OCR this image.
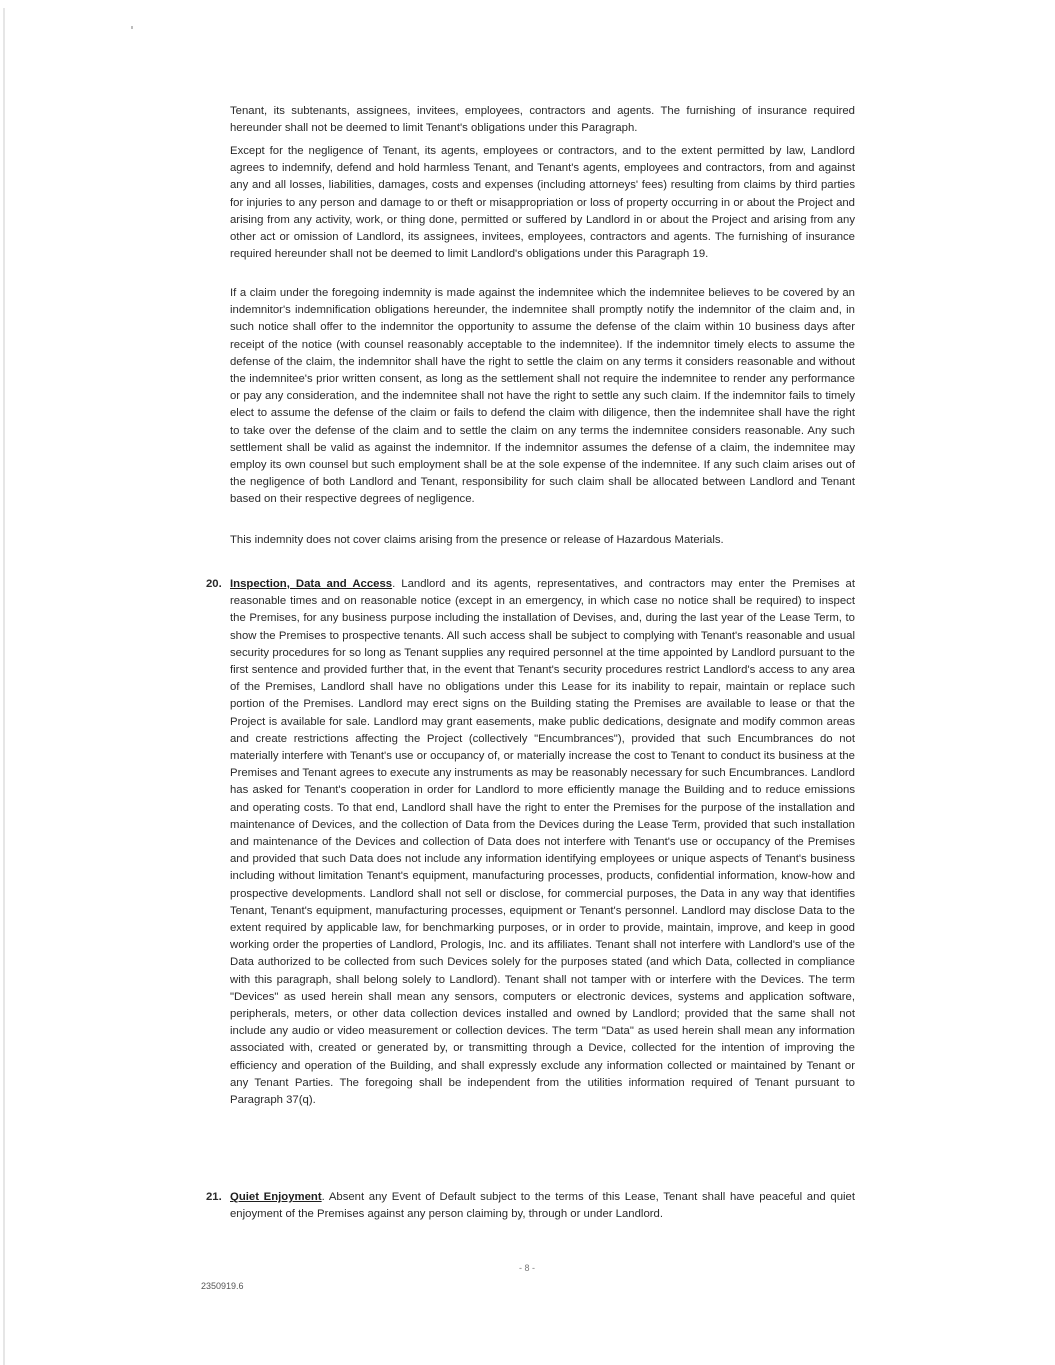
Tenant, its subtenants, assignees, invitees, employees, contractors and agents. The furnishing of insurance required hereunder shall not be deemed to limit Tenant's obligations under this Paragraph.

Except for the negligence of Tenant, its agents, employees or contractors, and to the extent permitted by law, Landlord agrees to indemnify, defend and hold harmless Tenant, and Tenant's agents, employees and contractors, from and against any and all losses, liabilities, damages, costs and expenses (including attorneys' fees) resulting from claims by third parties for injuries to any person and damage to or theft or misappropriation or loss of property occurring in or about the Project and arising from any activity, work, or thing done, permitted or suffered by Landlord in or about the Project and arising from any other act or omission of Landlord, its assignees, invitees, employees, contractors and agents. The furnishing of insurance required hereunder shall not be deemed to limit Landlord's obligations under this Paragraph 19.

If a claim under the foregoing indemnity is made against the indemnitee which the indemnitee believes to be covered by an indemnitor's indemnification obligations hereunder, the indemnitee shall promptly notify the indemnitor of the claim and, in such notice shall offer to the indemnitor the opportunity to assume the defense of the claim within 10 business days after receipt of the notice (with counsel reasonably acceptable to the indemnitee). If the indemnitor timely elects to assume the defense of the claim, the indemnitor shall have the right to settle the claim on any terms it considers reasonable and without the indemnitee's prior written consent, as long as the settlement shall not require the indemnitee to render any performance or pay any consideration, and the indemnitee shall not have the right to settle any such claim. If the indemnitor fails to timely elect to assume the defense of the claim or fails to defend the claim with diligence, then the indemnitee shall have the right to take over the defense of the claim and to settle the claim on any terms the indemnitee considers reasonable. Any such settlement shall be valid as against the indemnitor. If the indemnitor assumes the defense of a claim, the indemnitee may employ its own counsel but such employment shall be at the sole expense of the indemnitee. If any such claim arises out of the negligence of both Landlord and Tenant, responsibility for such claim shall be allocated between Landlord and Tenant based on their respective degrees of negligence.

This indemnity does not cover claims arising from the presence or release of Hazardous Materials.

20. Inspection, Data and Access. Landlord and its agents, representatives, and contractors may enter the Premises at reasonable times and on reasonable notice (except in an emergency, in which case no notice shall be required) to inspect the Premises, for any business purpose including the installation of Devises, and, during the last year of the Lease Term, to show the Premises to prospective tenants. All such access shall be subject to complying with Tenant's reasonable and usual security procedures for so long as Tenant supplies any required personnel at the time appointed by Landlord pursuant to the first sentence and provided further that, in the event that Tenant's security procedures restrict Landlord's access to any area of the Premises, Landlord shall have no obligations under this Lease for its inability to repair, maintain or replace such portion of the Premises. Landlord may erect signs on the Building stating the Premises are available to lease or that the Project is available for sale. Landlord may grant easements, make public dedications, designate and modify common areas and create restrictions affecting the Project (collectively "Encumbrances"), provided that such Encumbrances do not materially interfere with Tenant's use or occupancy of, or materially increase the cost to Tenant to conduct its business at the Premises and Tenant agrees to execute any instruments as may be reasonably necessary for such Encumbrances. Landlord has asked for Tenant's cooperation in order for Landlord to more efficiently manage the Building and to reduce emissions and operating costs. To that end, Landlord shall have the right to enter the Premises for the purpose of the installation and maintenance of Devices, and the collection of Data from the Devices during the Lease Term, provided that such installation and maintenance of the Devices and collection of Data does not interfere with Tenant's use or occupancy of the Premises and provided that such Data does not include any information identifying employees or unique aspects of Tenant's business including without limitation Tenant's equipment, manufacturing processes, products, confidential information, know-how and prospective developments. Landlord shall not sell or disclose, for commercial purposes, the Data in any way that identifies Tenant, Tenant's equipment, manufacturing processes, equipment or Tenant's personnel. Landlord may disclose Data to the extent required by applicable law, for benchmarking purposes, or in order to provide, maintain, improve, and keep in good working order the properties of Landlord, Prologis, Inc. and its affiliates. Tenant shall not interfere with Landlord's use of the Data authorized to be collected from such Devices solely for the purposes stated (and which Data, collected in compliance with this paragraph, shall belong solely to Landlord). Tenant shall not tamper with or interfere with the Devices. The term "Devices" as used herein shall mean any sensors, computers or electronic devices, systems and application software, peripherals, meters, or other data collection devices installed and owned by Landlord; provided that the same shall not include any audio or video measurement or collection devices. The term "Data" as used herein shall mean any information associated with, created or generated by, or transmitting through a Device, collected for the intention of improving the efficiency and operation of the Building, and shall expressly exclude any information collected or maintained by Tenant or any Tenant Parties. The foregoing shall be independent from the utilities information required of Tenant pursuant to Paragraph 37(q).
21. Quiet Enjoyment. Absent any Event of Default subject to the terms of this Lease, Tenant shall have peaceful and quiet enjoyment of the Premises against any person claiming by, through or under Landlord.
- 8 -
2350919.6
